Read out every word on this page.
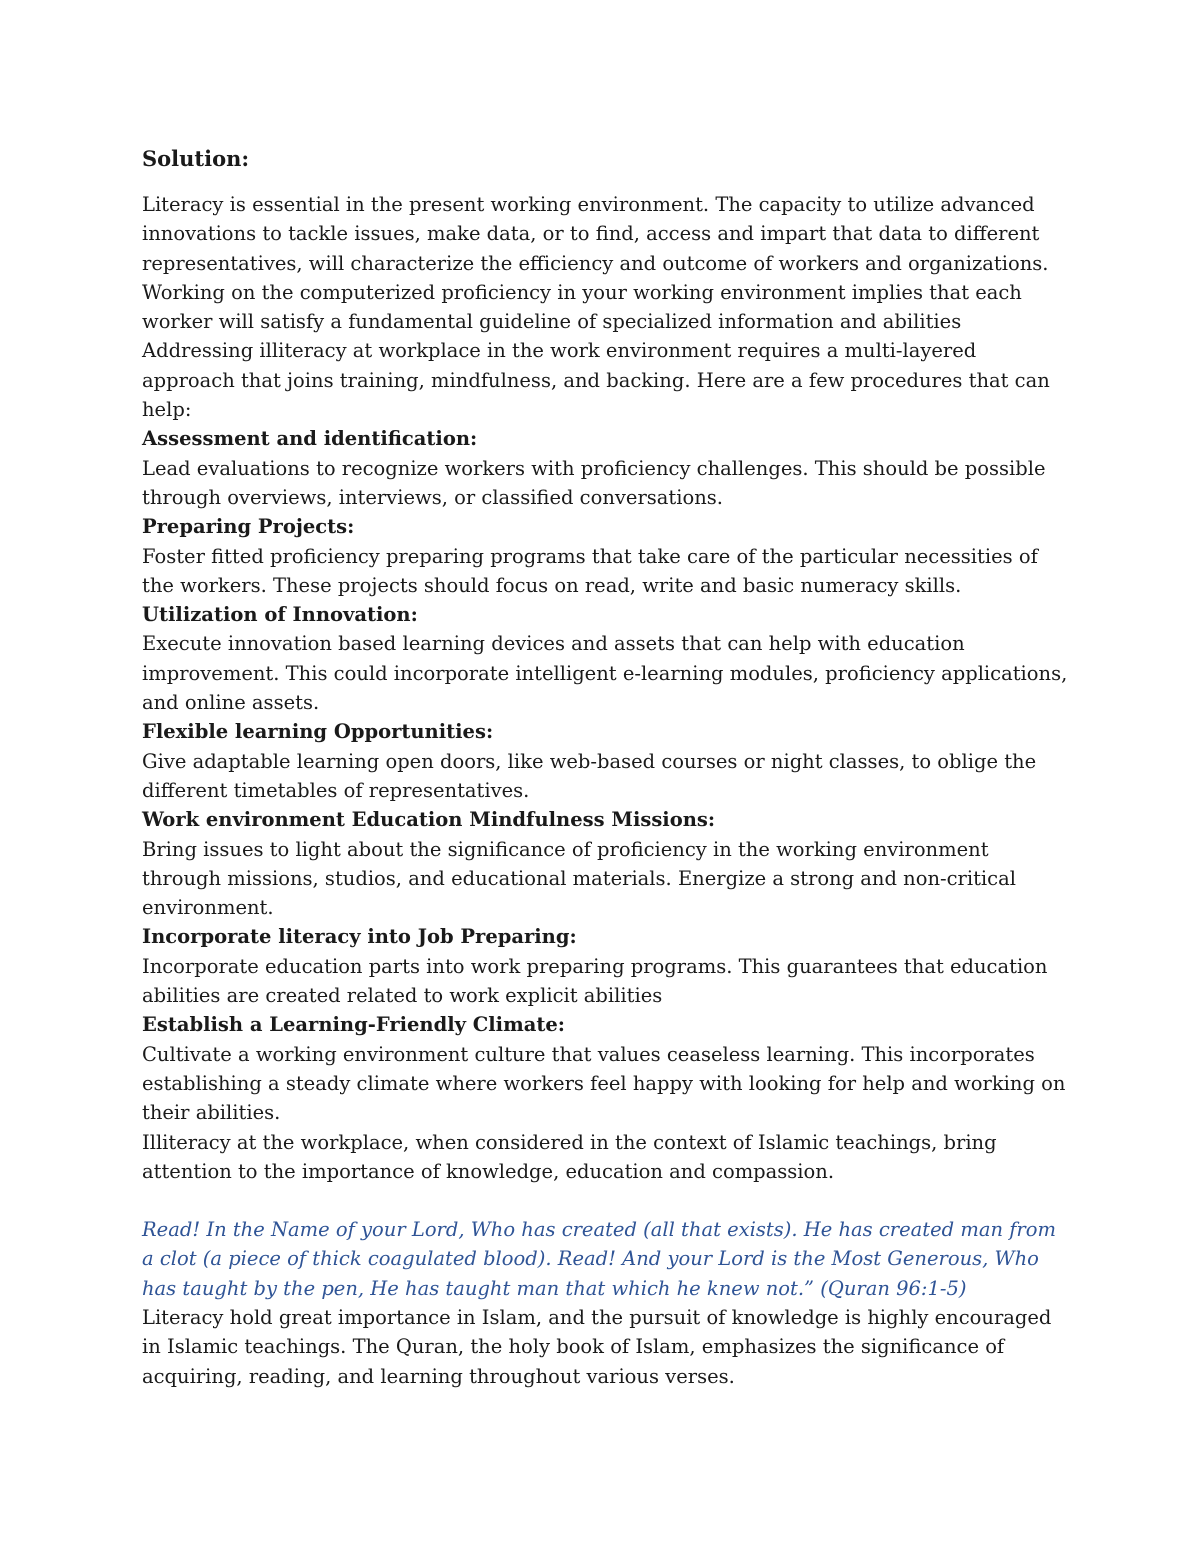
Solution:

Literacy is essential in the present working environment. The capacity to utilize advanced innovations to tackle issues, make data, or to find, access and impart that data to different representatives, will characterize the efficiency and outcome of workers and organizations. Working on the computerized proficiency in your working environment implies that each worker will satisfy a fundamental guideline of specialized information and abilities

Addressing illiteracy at workplace in the work environment requires a multi-layered approach that joins training, mindfulness, and backing. Here are a few procedures that can help:

Assessment and identification:

Lead evaluations to recognize workers with proficiency challenges. This should be possible through overviews, interviews, or classified conversations.

Preparing Projects:

Foster fitted proficiency preparing programs that take care of the particular necessities of the workers. These projects should focus on read, write and basic numeracy skills.

Utilization of Innovation:

Execute innovation based learning devices and assets that can help with education improvement. This could incorporate intelligent e-learning modules, proficiency applications, and online assets.

Flexible learning Opportunities:

Give adaptable learning open doors, like web-based courses or night classes, to oblige the different timetables of representatives.

Work environment Education Mindfulness Missions:

Bring issues to light about the significance of proficiency in the working environment through missions, studios, and educational materials. Energize a strong and non-critical environment.

Incorporate literacy into Job Preparing:

Incorporate education parts into work preparing programs. This guarantees that education abilities are created related to work explicit abilities

Establish a Learning-Friendly Climate:

Cultivate a working environment culture that values ceaseless learning. This incorporates establishing a steady climate where workers feel happy with looking for help and working on their abilities.

Illiteracy at the workplace, when considered in the context of Islamic teachings, bring attention to the importance of knowledge, education and compassion.

Read! In the Name of your Lord, Who has created (all that exists). He has created man from a clot (a piece of thick coagulated blood). Read! And your Lord is the Most Generous, Who has taught by the pen, He has taught man that which he knew not.” (Quran 96:1-5)

Literacy hold great importance in Islam, and the pursuit of knowledge is highly encouraged in Islamic teachings. The Quran, the holy book of Islam, emphasizes the significance of acquiring, reading, and learning throughout various verses.
